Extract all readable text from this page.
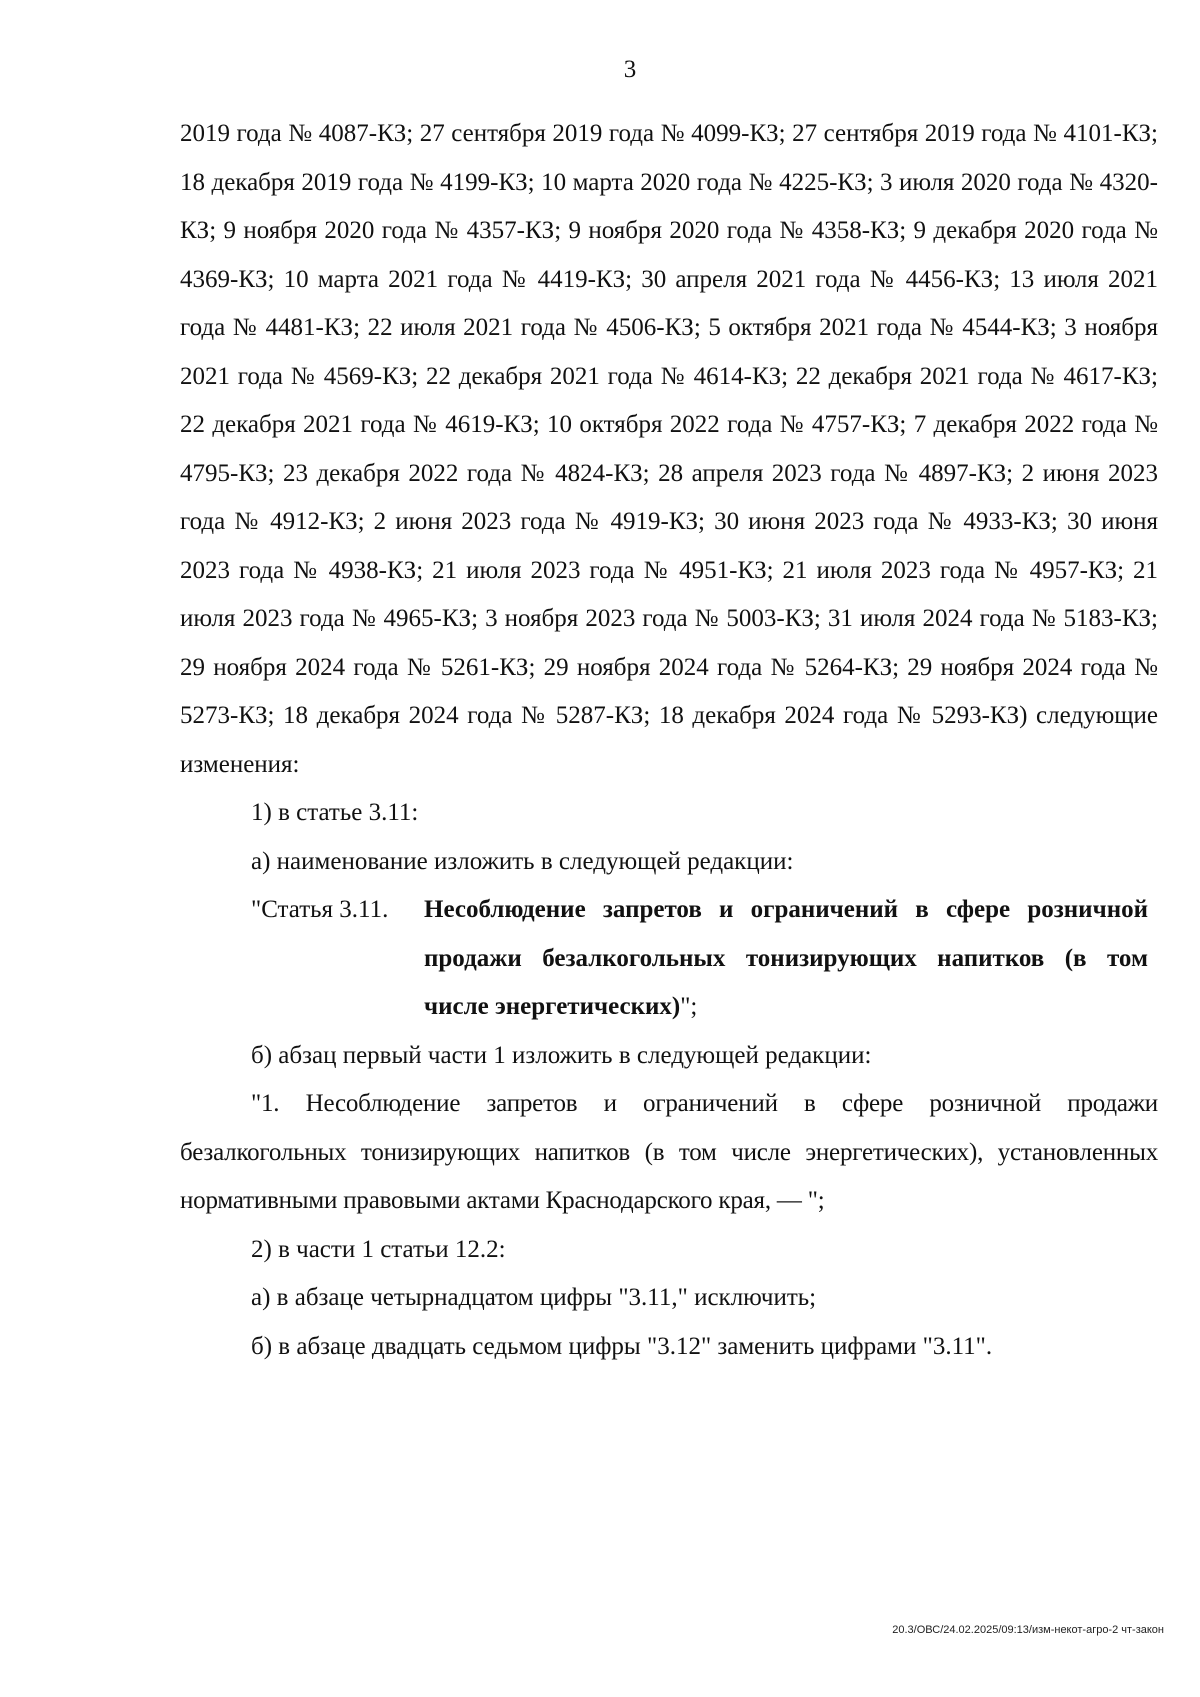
3

2019 года № 4087-КЗ; 27 сентября 2019 года № 4099-КЗ; 27 сентября 2019 года № 4101-КЗ; 18 декабря 2019 года № 4199-КЗ; 10 марта 2020 года № 4225-КЗ; 3 июля 2020 года № 4320-КЗ; 9 ноября 2020 года № 4357-КЗ; 9 ноября 2020 года № 4358-КЗ; 9 декабря 2020 года № 4369-КЗ; 10 марта 2021 года № 4419-КЗ; 30 апреля 2021 года № 4456-КЗ; 13 июля 2021 года № 4481-КЗ; 22 июля 2021 года № 4506-КЗ; 5 октября 2021 года № 4544-КЗ; 3 ноября 2021 года № 4569-КЗ; 22 декабря 2021 года № 4614-КЗ; 22 декабря 2021 года № 4617-КЗ; 22 декабря 2021 года № 4619-КЗ; 10 октября 2022 года № 4757-КЗ; 7 декабря 2022 года № 4795-КЗ; 23 декабря 2022 года № 4824-КЗ; 28 апреля 2023 года № 4897-КЗ; 2 июня 2023 года № 4912-КЗ; 2 июня 2023 года № 4919-КЗ; 30 июня 2023 года № 4933-КЗ; 30 июня 2023 года № 4938-КЗ; 21 июля 2023 года № 4951-КЗ; 21 июля 2023 года № 4957-КЗ; 21 июля 2023 года № 4965-КЗ; 3 ноября 2023 года № 5003-КЗ; 31 июля 2024 года № 5183-КЗ; 29 ноября 2024 года № 5261-КЗ; 29 ноября 2024 года № 5264-КЗ; 29 ноября 2024 года № 5273-КЗ; 18 декабря 2024 года № 5287-КЗ; 18 декабря 2024 года № 5293-КЗ) следующие изменения:

1) в статье 3.11:

а) наименование изложить в следующей редакции:

"Статья 3.11.	Несоблюдение запретов и ограничений в сфере розничной продажи безалкогольных тонизирующих напитков (в том числе энергетических)";

б) абзац первый части 1 изложить в следующей редакции:

"1. Несоблюдение запретов и ограничений в сфере розничной продажи безалкогольных тонизирующих напитков (в том числе энергетических), установленных нормативными правовыми актами Краснодарского края, — ";

2) в части 1 статьи 12.2:

а) в абзаце четырнадцатом цифры "3.11," исключить;

б) в абзаце двадцать седьмом цифры "3.12" заменить цифрами "3.11".

20.3/ОВС/24.02.2025/09:13/изм-некот-агро-2 чт-закон
